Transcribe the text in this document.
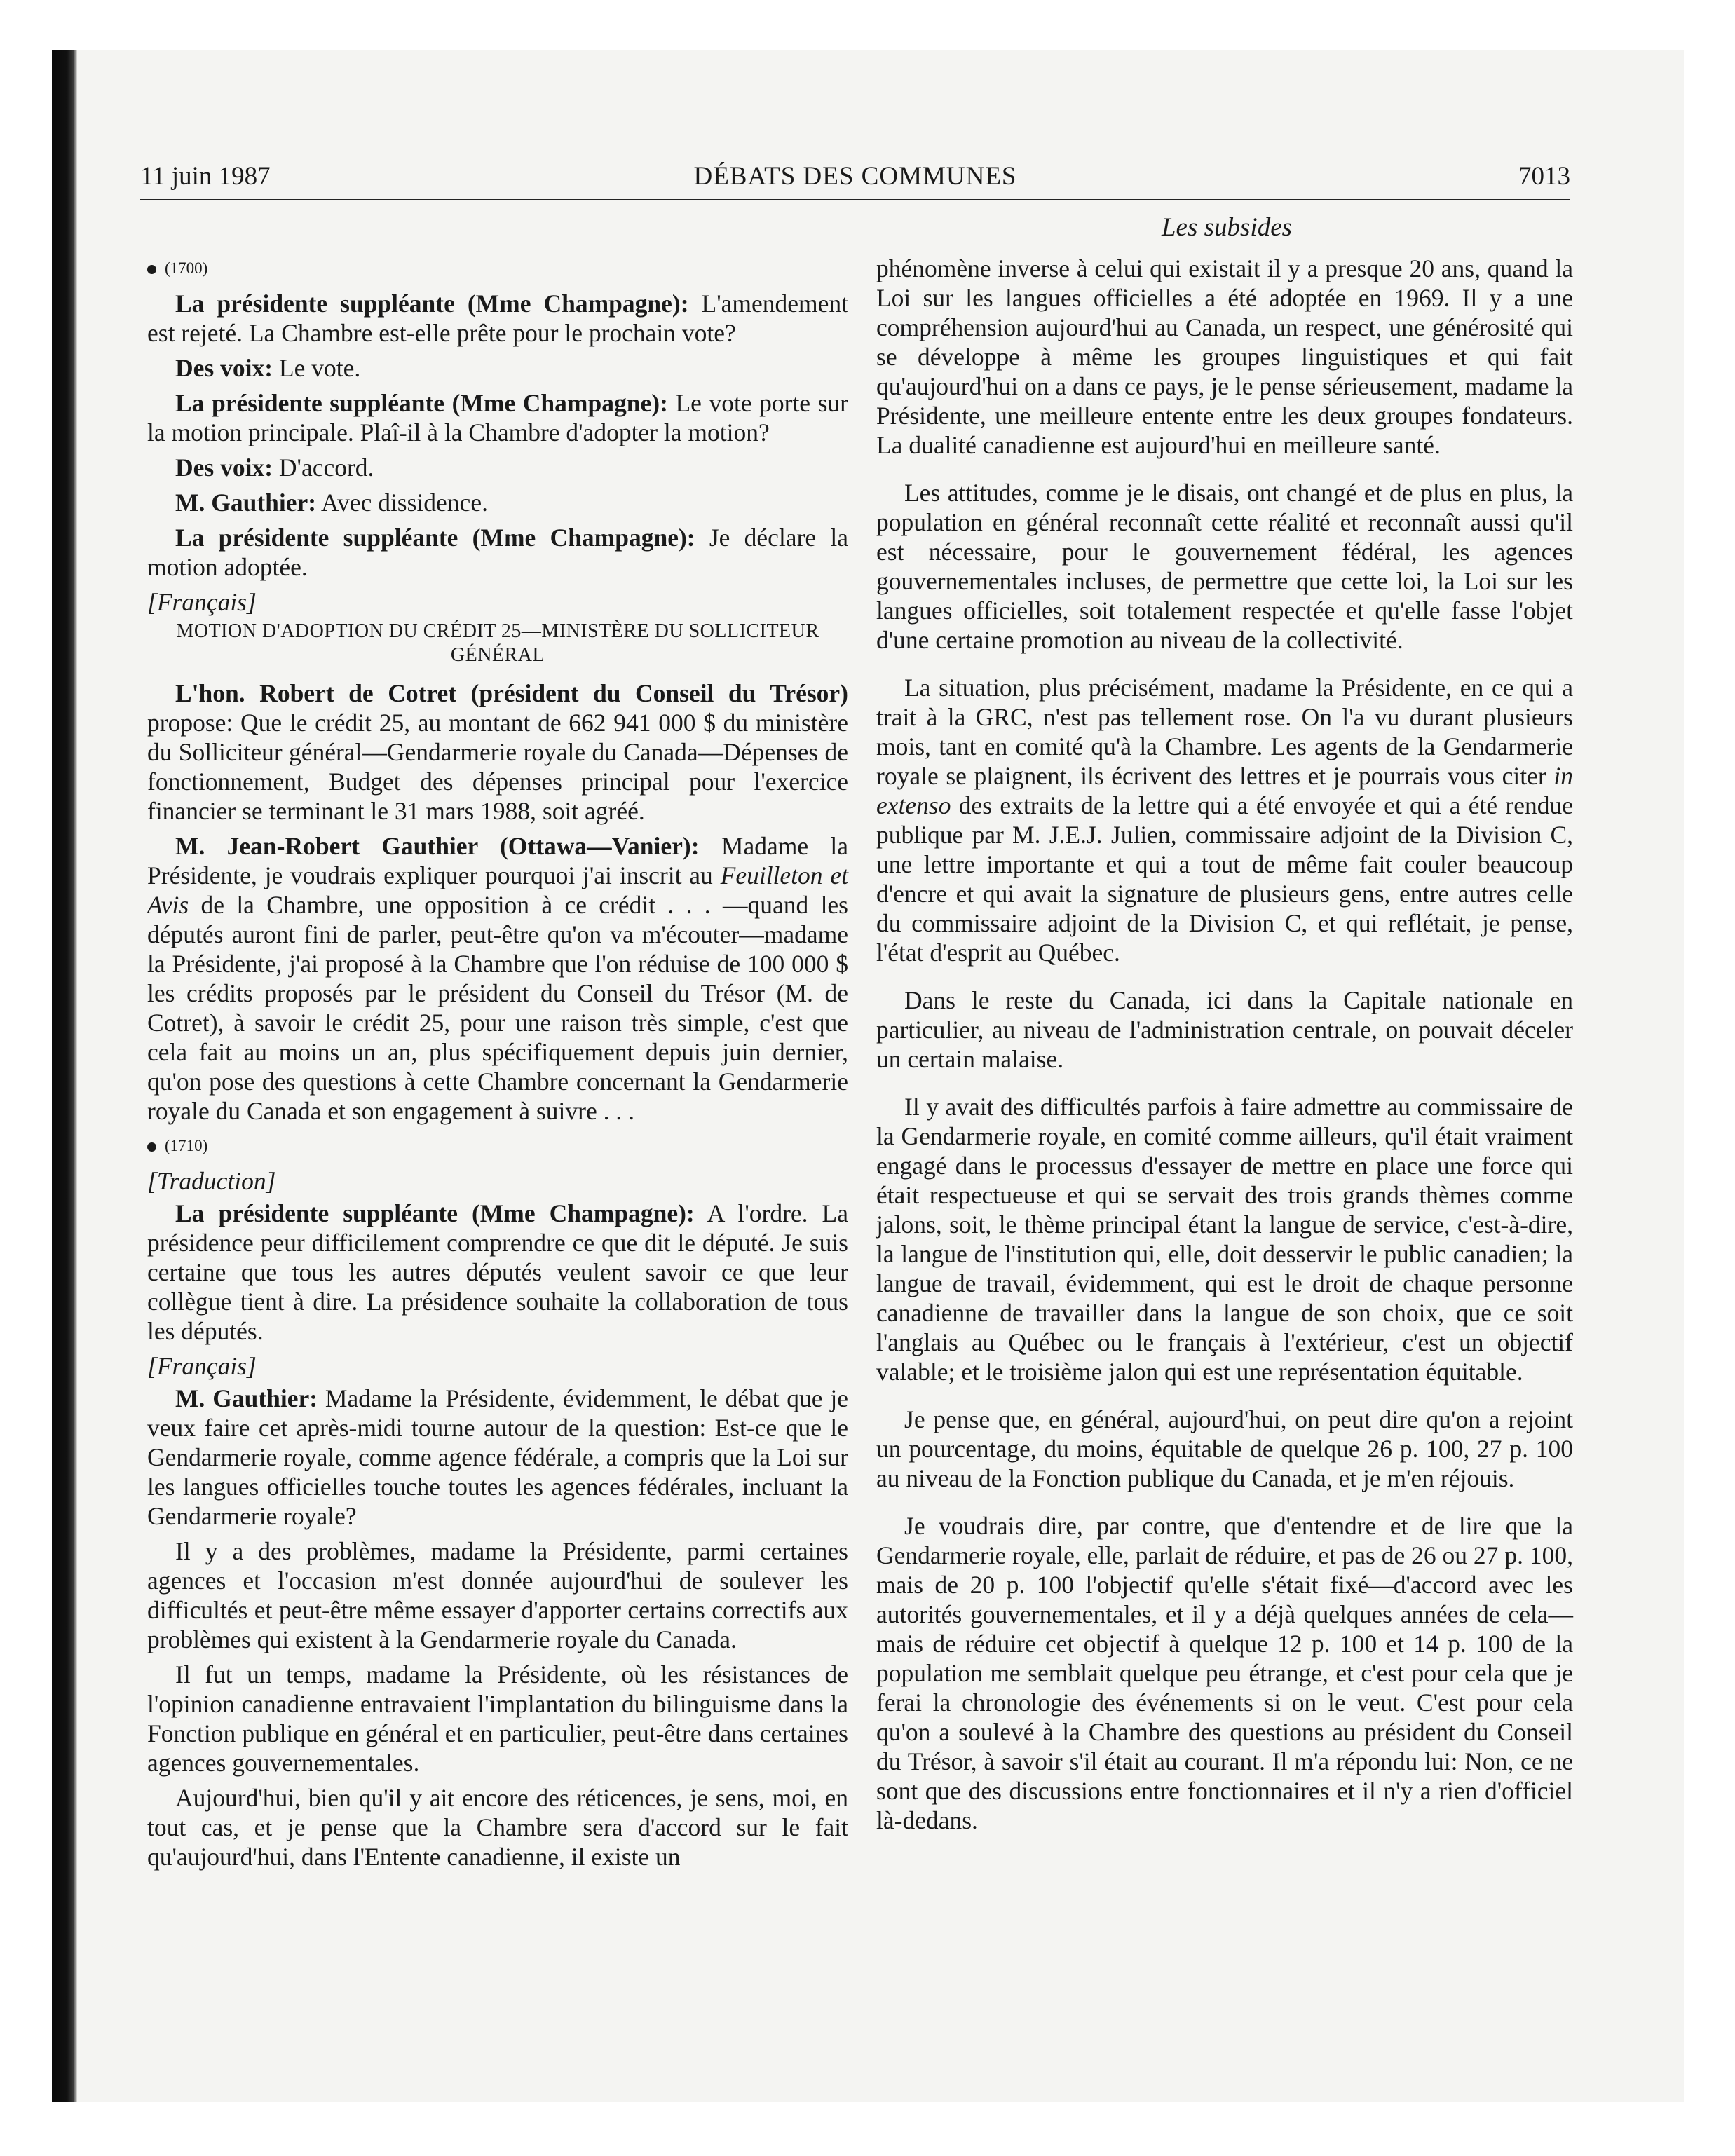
11 juin 1987	DÉBATS DES COMMUNES	7013
Les subsides

(1700)

La présidente suppléante (Mme Champagne): L'amendement est rejeté. La Chambre est-elle prête pour le prochain vote?

Des voix: Le vote.

La présidente suppléante (Mme Champagne): Le vote porte sur la motion principale. Plaî-il à la Chambre d'adopter la motion?

Des voix: D'accord.

M. Gauthier: Avec dissidence.

La présidente suppléante (Mme Champagne): Je déclare la motion adoptée.

[Français]

MOTION D'ADOPTION DU CRÉDIT 25—MINISTÈRE DU SOLLICITEUR GÉNÉRAL

L'hon. Robert de Cotret (président du Conseil du Trésor) propose: Que le crédit 25, au montant de 662 941 000 $ du ministère du Solliciteur général—Gendarmerie royale du Canada—Dépenses de fonctionnement, Budget des dépenses principal pour l'exercice financier se terminant le 31 mars 1988, soit agréé.

M. Jean-Robert Gauthier (Ottawa—Vanier): Madame la Présidente, je voudrais expliquer pourquoi j'ai inscrit au Feuilleton et Avis de la Chambre, une opposition à ce crédit . . . —quand les députés auront fini de parler, peut-être qu'on va m'écouter—madame la Présidente, j'ai proposé à la Chambre que l'on réduise de 100 000 $ les crédits proposés par le président du Conseil du Trésor (M. de Cotret), à savoir le crédit 25, pour une raison très simple, c'est que cela fait au moins un an, plus spécifiquement depuis juin dernier, qu'on pose des questions à cette Chambre concernant la Gendarmerie royale du Canada et son engagement à suivre . . .

(1710)

[Traduction]

La présidente suppléante (Mme Champagne): A l'ordre. La présidence peur difficilement comprendre ce que dit le député. Je suis certaine que tous les autres députés veulent savoir ce que leur collègue tient à dire. La présidence souhaite la collaboration de tous les députés.

[Français]

M. Gauthier: Madame la Présidente, évidemment, le débat que je veux faire cet après-midi tourne autour de la question: Est-ce que le Gendarmerie royale, comme agence fédérale, a compris que la Loi sur les langues officielles touche toutes les agences fédérales, incluant la Gendarmerie royale?

Il y a des problèmes, madame la Présidente, parmi certaines agences et l'occasion m'est donnée aujourd'hui de soulever les difficultés et peut-être même essayer d'apporter certains correctifs aux problèmes qui existent à la Gendarmerie royale du Canada.

Il fut un temps, madame la Présidente, où les résistances de l'opinion canadienne entravaient l'implantation du bilinguisme dans la Fonction publique en général et en particulier, peut-être dans certaines agences gouvernementales.

Aujourd'hui, bien qu'il y ait encore des réticences, je sens, moi, en tout cas, et je pense que la Chambre sera d'accord sur le fait qu'aujourd'hui, dans l'Entente canadienne, il existe un

phénomène inverse à celui qui existait il y a presque 20 ans, quand la Loi sur les langues officielles a été adoptée en 1969. Il y a une compréhension aujourd'hui au Canada, un respect, une générosité qui se développe à même les groupes linguistiques et qui fait qu'aujourd'hui on a dans ce pays, je le pense sérieusement, madame la Présidente, une meilleure entente entre les deux groupes fondateurs. La dualité canadienne est aujourd'hui en meilleure santé.

Les attitudes, comme je le disais, ont changé et de plus en plus, la population en général reconnaît cette réalité et reconnaît aussi qu'il est nécessaire, pour le gouvernement fédéral, les agences gouvernementales incluses, de permettre que cette loi, la Loi sur les langues officielles, soit totalement respectée et qu'elle fasse l'objet d'une certaine promotion au niveau de la collectivité.

La situation, plus précisément, madame la Présidente, en ce qui a trait à la GRC, n'est pas tellement rose. On l'a vu durant plusieurs mois, tant en comité qu'à la Chambre. Les agents de la Gendarmerie royale se plaignent, ils écrivent des lettres et je pourrais vous citer in extenso des extraits de la lettre qui a été envoyée et qui a été rendue publique par M. J.E.J. Julien, commissaire adjoint de la Division C, une lettre importante et qui a tout de même fait couler beaucoup d'encre et qui avait la signature de plusieurs gens, entre autres celle du commissaire adjoint de la Division C, et qui reflétait, je pense, l'état d'esprit au Québec.

Dans le reste du Canada, ici dans la Capitale nationale en particulier, au niveau de l'administration centrale, on pouvait déceler un certain malaise.

Il y avait des difficultés parfois à faire admettre au commissaire de la Gendarmerie royale, en comité comme ailleurs, qu'il était vraiment engagé dans le processus d'essayer de mettre en place une force qui était respectueuse et qui se servait des trois grands thèmes comme jalons, soit, le thème principal étant la langue de service, c'est-à-dire, la langue de l'institution qui, elle, doit desservir le public canadien; la langue de travail, évidemment, qui est le droit de chaque personne canadienne de travailler dans la langue de son choix, que ce soit l'anglais au Québec ou le français à l'extérieur, c'est un objectif valable; et le troisième jalon qui est une représentation équitable.

Je pense que, en général, aujourd'hui, on peut dire qu'on a rejoint un pourcentage, du moins, équitable de quelque 26 p. 100, 27 p. 100 au niveau de la Fonction publique du Canada, et je m'en réjouis.

Je voudrais dire, par contre, que d'entendre et de lire que la Gendarmerie royale, elle, parlait de réduire, et pas de 26 ou 27 p. 100, mais de 20 p. 100 l'objectif qu'elle s'était fixé—d'accord avec les autorités gouvernementales, et il y a déjà quelques années de cela—mais de réduire cet objectif à quelque 12 p. 100 et 14 p. 100 de la population me semblait quelque peu étrange, et c'est pour cela que je ferai la chronologie des événements si on le veut. C'est pour cela qu'on a soulevé à la Chambre des questions au président du Conseil du Trésor, à savoir s'il était au courant. Il m'a répondu lui: Non, ce ne sont que des discussions entre fonctionnaires et il n'y a rien d'officiel là-dedans.
